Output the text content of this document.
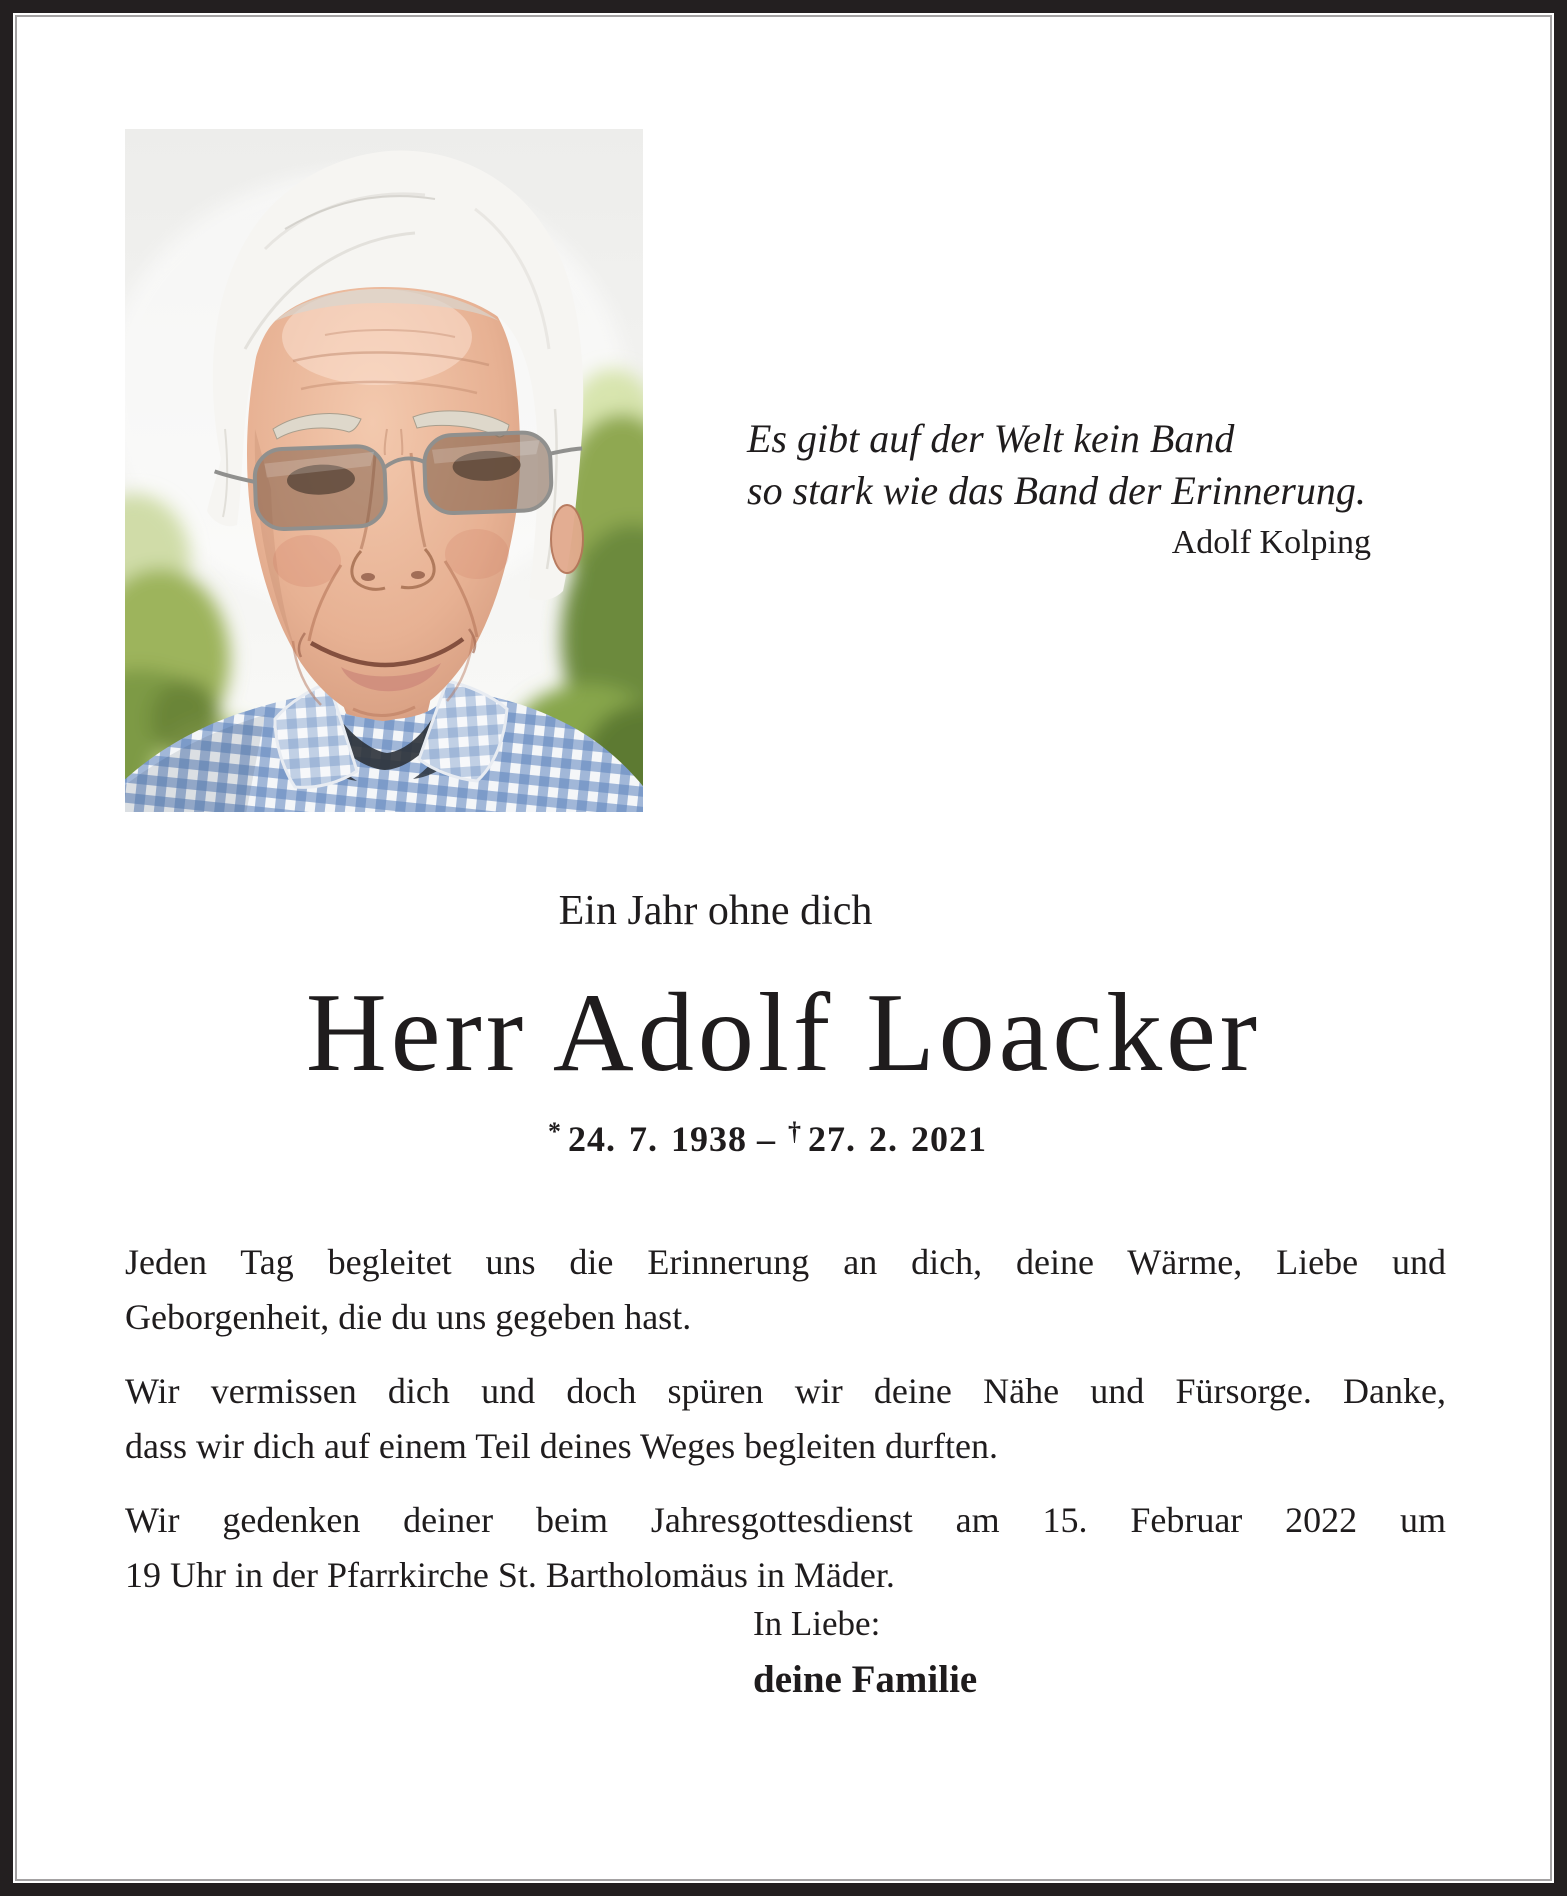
Es gibt auf der Welt kein Band
so stark wie das Band der Erinnerung.
Adolf Kolping
Ein Jahr ohne dich
Herr Adolf Loacker
* 24. 7. 1938 – † 27. 2. 2021
Jeden Tag begleitet uns die Erinnerung an dich, deine Wärme, Liebe und
Geborgenheit, die du uns gegeben hast.
Wir vermissen dich und doch spüren wir deine Nähe und Fürsorge. Danke,
dass wir dich auf einem Teil deines Weges begleiten durften.
Wir gedenken deiner beim Jahresgottesdienst am 15. Februar 2022 um
19 Uhr in der Pfarrkirche St. Bartholomäus in Mäder.
In Liebe:
deine Familie
